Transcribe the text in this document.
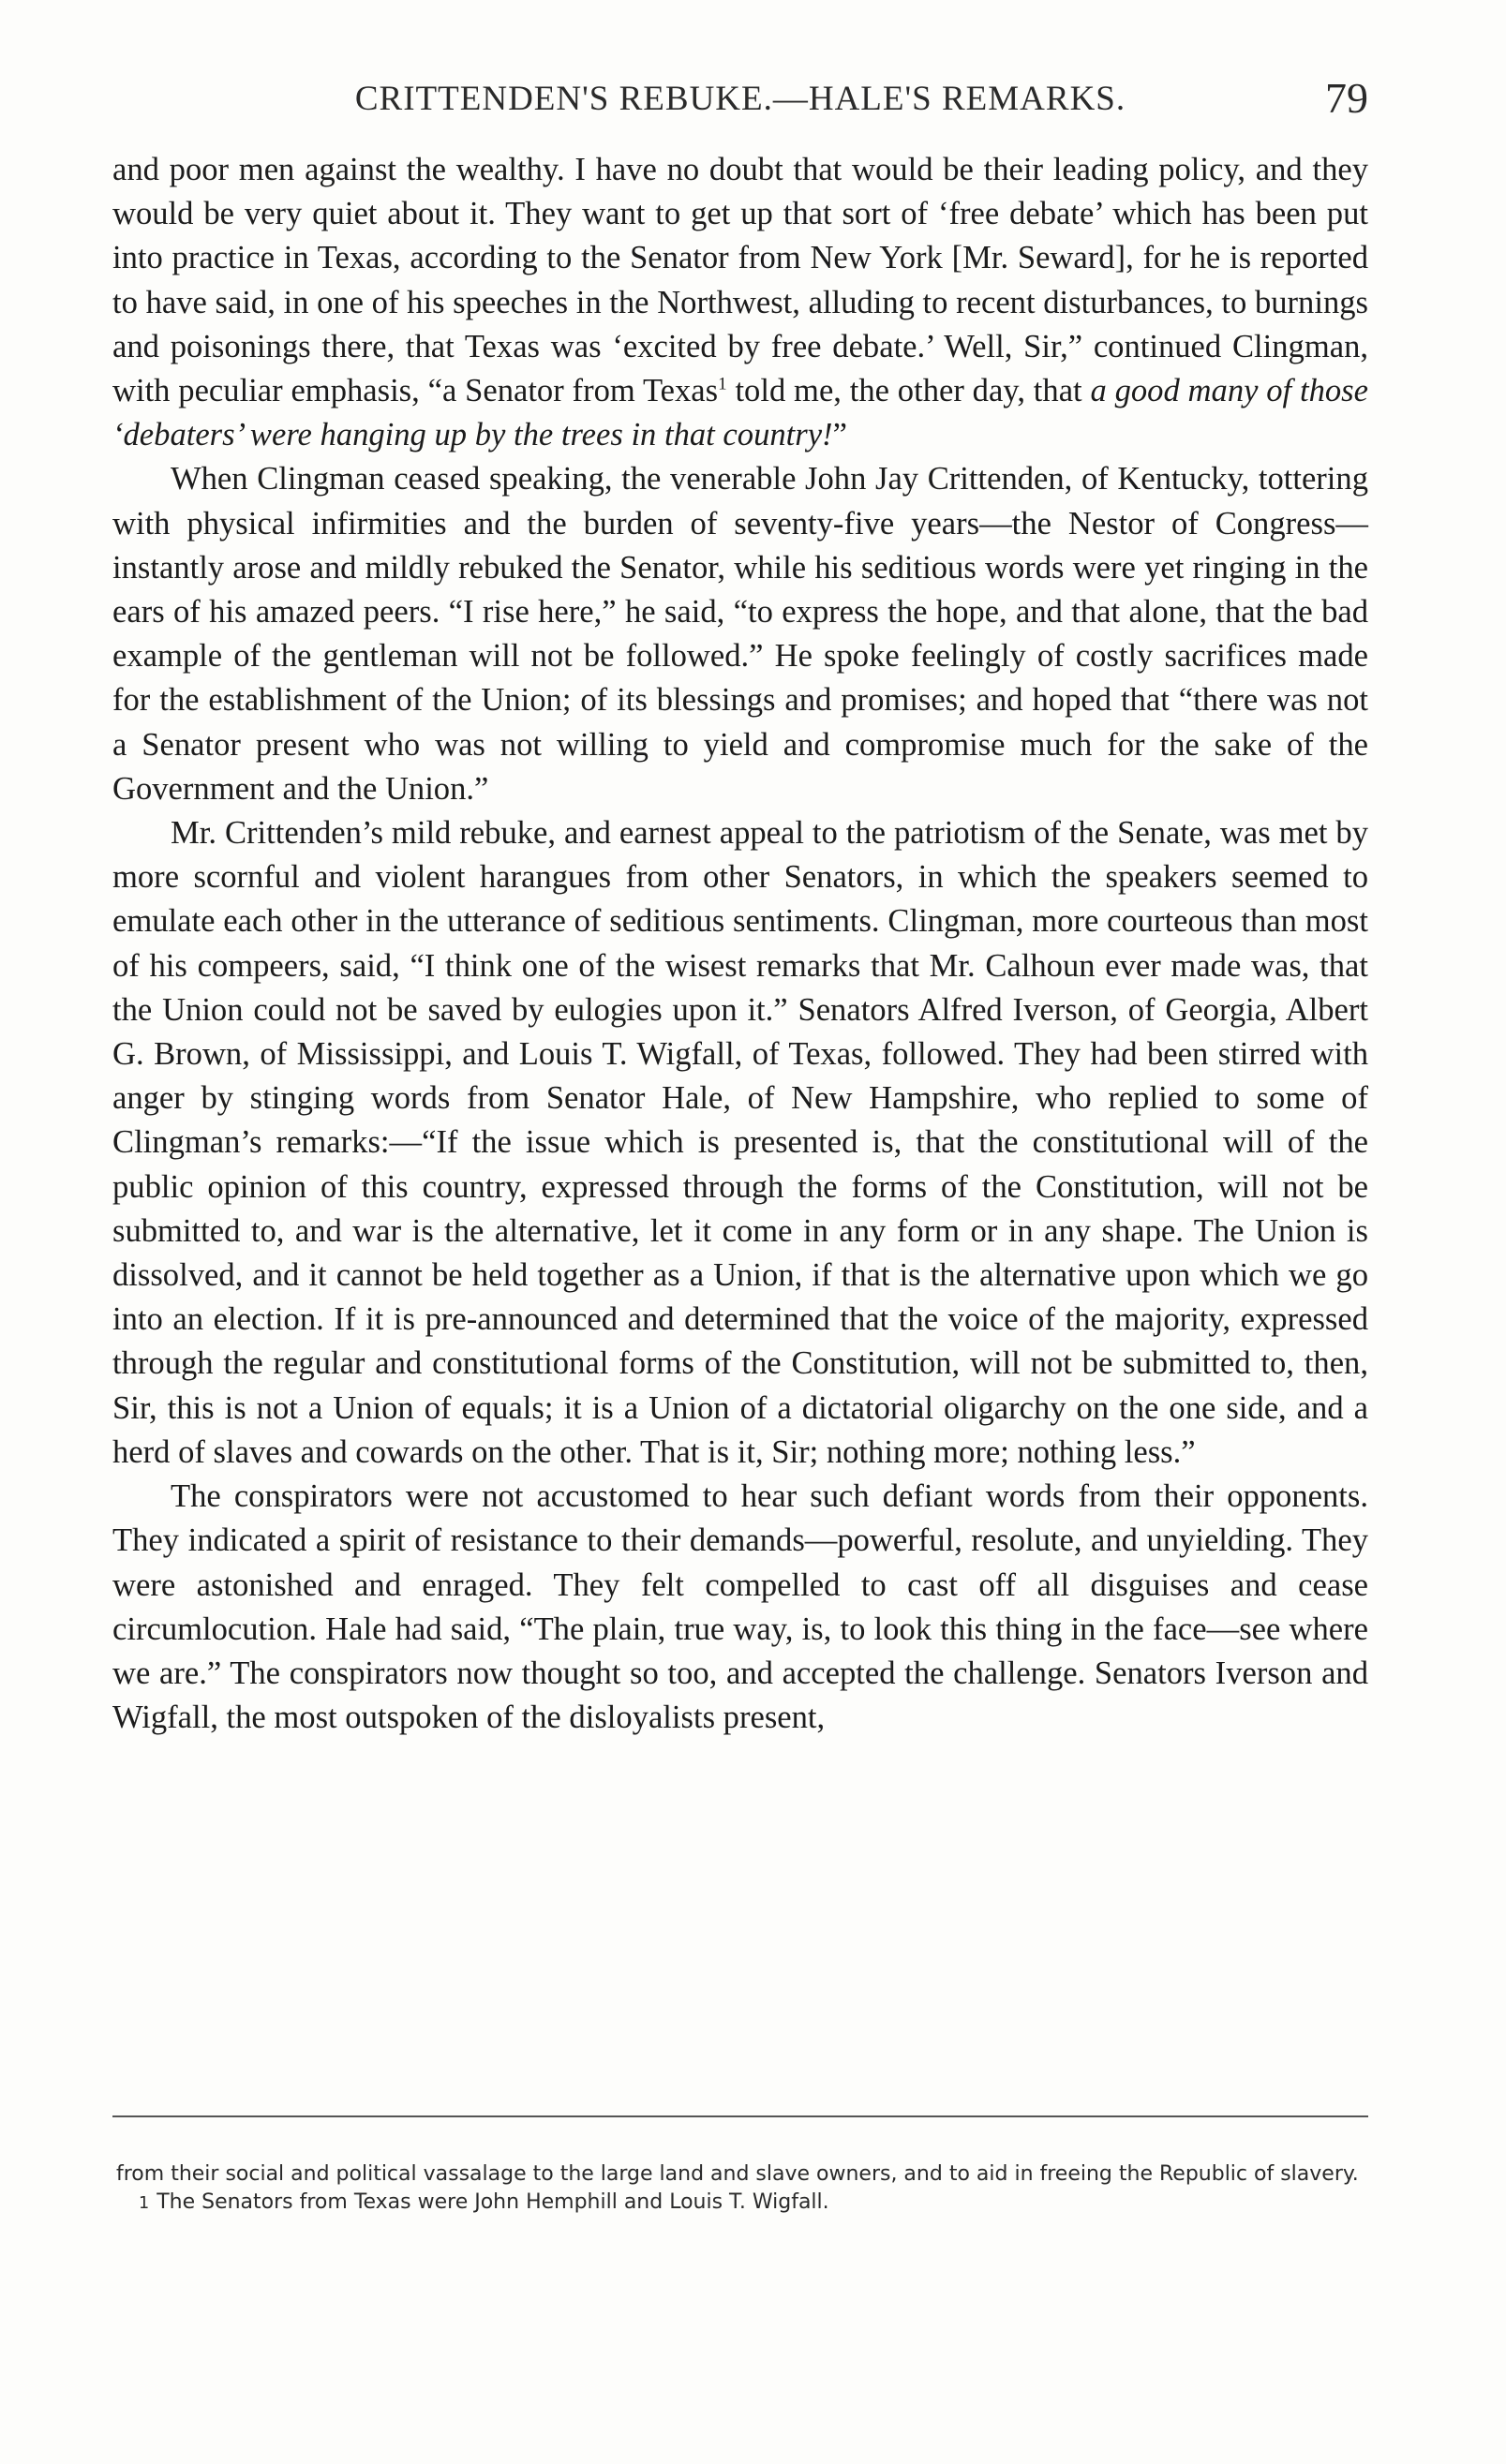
CRITTENDEN'S REBUKE.—HALE'S REMARKS.	79

and poor men against the wealthy. I have no doubt that would be their leading policy, and they would be very quiet about it. They want to get up that sort of ‘free debate’ which has been put into practice in Texas, according to the Senator from New York [Mr. Seward], for he is reported to have said, in one of his speeches in the Northwest, alluding to recent disturbances, to burnings and poisonings there, that Texas was ‘excited by free debate.’ Well, Sir,” continued Clingman, with peculiar emphasis, “a Senator from Texas$^1$ told me, the other day, that a good many of those ‘debaters’ were hanging up by the trees in that country!”

When Clingman ceased speaking, the venerable John Jay Crittenden, of Kentucky, tottering with physical infirmities and the burden of seventy-five years—the Nestor of Congress—instantly arose and mildly rebuked the Senator, while his seditious words were yet ringing in the ears of his amazed peers. “I rise here,” he said, “to express the hope, and that alone, that the bad example of the gentleman will not be followed.” He spoke feelingly of costly sacrifices made for the establishment of the Union; of its blessings and promises; and hoped that “there was not a Senator present who was not willing to yield and compromise much for the sake of the Government and the Union.”

Mr. Crittenden’s mild rebuke, and earnest appeal to the patriotism of the Senate, was met by more scornful and violent harangues from other Senators, in which the speakers seemed to emulate each other in the utterance of seditious sentiments. Clingman, more courteous than most of his compeers, said, “I think one of the wisest remarks that Mr. Calhoun ever made was, that the Union could not be saved by eulogies upon it.” Senators Alfred Iverson, of Georgia, Albert G. Brown, of Mississippi, and Louis T. Wigfall, of Texas, followed. They had been stirred with anger by stinging words from Senator Hale, of New Hampshire, who replied to some of Clingman’s remarks:—“If the issue which is presented is, that the constitutional will of the public opinion of this country, expressed through the forms of the Constitution, will not be submitted to, and war is the alternative, let it come in any form or in any shape. The Union is dissolved, and it cannot be held together as a Union, if that is the alternative upon which we go into an election. If it is pre-announced and determined that the voice of the majority, expressed through the regular and constitutional forms of the Constitution, will not be submitted to, then, Sir, this is not a Union of equals; it is a Union of a dictatorial oligarchy on the one side, and a herd of slaves and cowards on the other. That is it, Sir; nothing more; nothing less.”

The conspirators were not accustomed to hear such defiant words from their opponents. They indicated a spirit of resistance to their demands—powerful, resolute, and unyielding. They were astonished and enraged. They felt compelled to cast off all disguises and cease circumlocution. Hale had said, “The plain, true way, is, to look this thing in the face—see where we are.” The conspirators now thought so too, and accepted the challenge. Senators Iverson and Wigfall, the most outspoken of the disloyalists present,

from their social and political vassalage to the large land and slave owners, and to aid in freeing the Republic of slavery.

1 The Senators from Texas were John Hemphill and Louis T. Wigfall.
